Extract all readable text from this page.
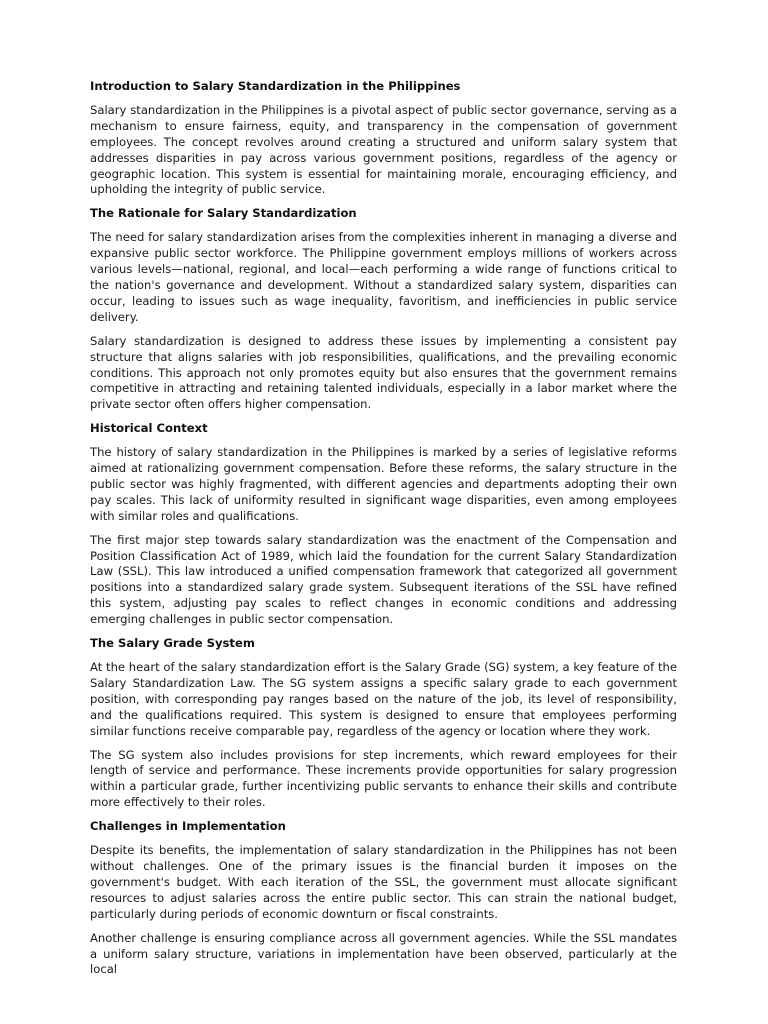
Introduction to Salary Standardization in the Philippines

Salary standardization in the Philippines is a pivotal aspect of public sector governance, serving as a mechanism to ensure fairness, equity, and transparency in the compensation of government employees. The concept revolves around creating a structured and uniform salary system that addresses disparities in pay across various government positions, regardless of the agency or geographic location. This system is essential for maintaining morale, encouraging efficiency, and upholding the integrity of public service.

The Rationale for Salary Standardization

The need for salary standardization arises from the complexities inherent in managing a diverse and expansive public sector workforce. The Philippine government employs millions of workers across various levels—national, regional, and local—each performing a wide range of functions critical to the nation's governance and development. Without a standardized salary system, disparities can occur, leading to issues such as wage inequality, favoritism, and inefficiencies in public service delivery.

Salary standardization is designed to address these issues by implementing a consistent pay structure that aligns salaries with job responsibilities, qualifications, and the prevailing economic conditions. This approach not only promotes equity but also ensures that the government remains competitive in attracting and retaining talented individuals, especially in a labor market where the private sector often offers higher compensation.

Historical Context

The history of salary standardization in the Philippines is marked by a series of legislative reforms aimed at rationalizing government compensation. Before these reforms, the salary structure in the public sector was highly fragmented, with different agencies and departments adopting their own pay scales. This lack of uniformity resulted in significant wage disparities, even among employees with similar roles and qualifications.

The first major step towards salary standardization was the enactment of the Compensation and Position Classification Act of 1989, which laid the foundation for the current Salary Standardization Law (SSL). This law introduced a unified compensation framework that categorized all government positions into a standardized salary grade system. Subsequent iterations of the SSL have refined this system, adjusting pay scales to reflect changes in economic conditions and addressing emerging challenges in public sector compensation.

The Salary Grade System

At the heart of the salary standardization effort is the Salary Grade (SG) system, a key feature of the Salary Standardization Law. The SG system assigns a specific salary grade to each government position, with corresponding pay ranges based on the nature of the job, its level of responsibility, and the qualifications required. This system is designed to ensure that employees performing similar functions receive comparable pay, regardless of the agency or location where they work.

The SG system also includes provisions for step increments, which reward employees for their length of service and performance. These increments provide opportunities for salary progression within a particular grade, further incentivizing public servants to enhance their skills and contribute more effectively to their roles.

Challenges in Implementation

Despite its benefits, the implementation of salary standardization in the Philippines has not been without challenges. One of the primary issues is the financial burden it imposes on the government's budget. With each iteration of the SSL, the government must allocate significant resources to adjust salaries across the entire public sector. This can strain the national budget, particularly during periods of economic downturn or fiscal constraints.

Another challenge is ensuring compliance across all government agencies. While the SSL mandates a uniform salary structure, variations in implementation have been observed, particularly at the local
